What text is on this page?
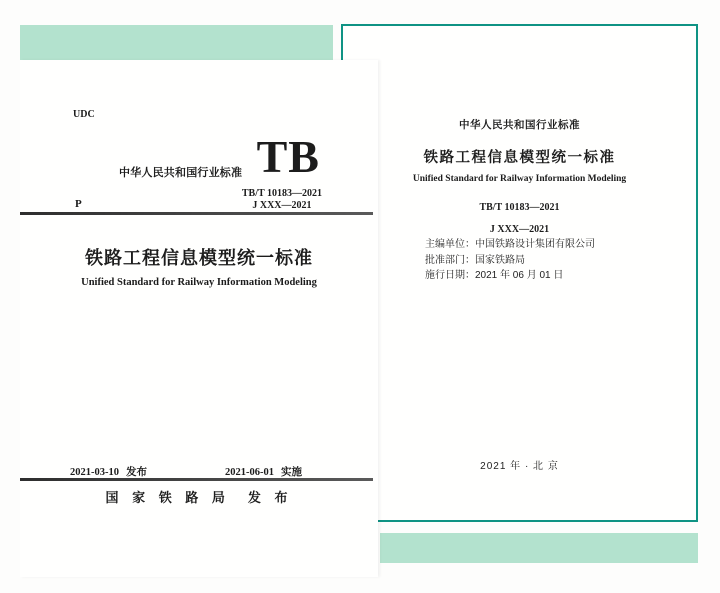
中华人民共和国行业标准
铁路工程信息模型统一标准
Unified Standard for Railway Information Modeling
TB/T 10183—2021
J XXX—2021
主编单位：中国铁路设计集团有限公司
批准部门：国家铁路局
施行日期：2021 年 06 月 01 日
2021 年 · 北 京
UDC
中华人民共和国行业标准 TB
TB/T 10183—2021
J XXX—2021
P
铁路工程信息模型统一标准
Unified Standard for Railway Information Modeling
2021-03-10 发布	2021-06-01 实施
国 家 铁 路 局　发 布
